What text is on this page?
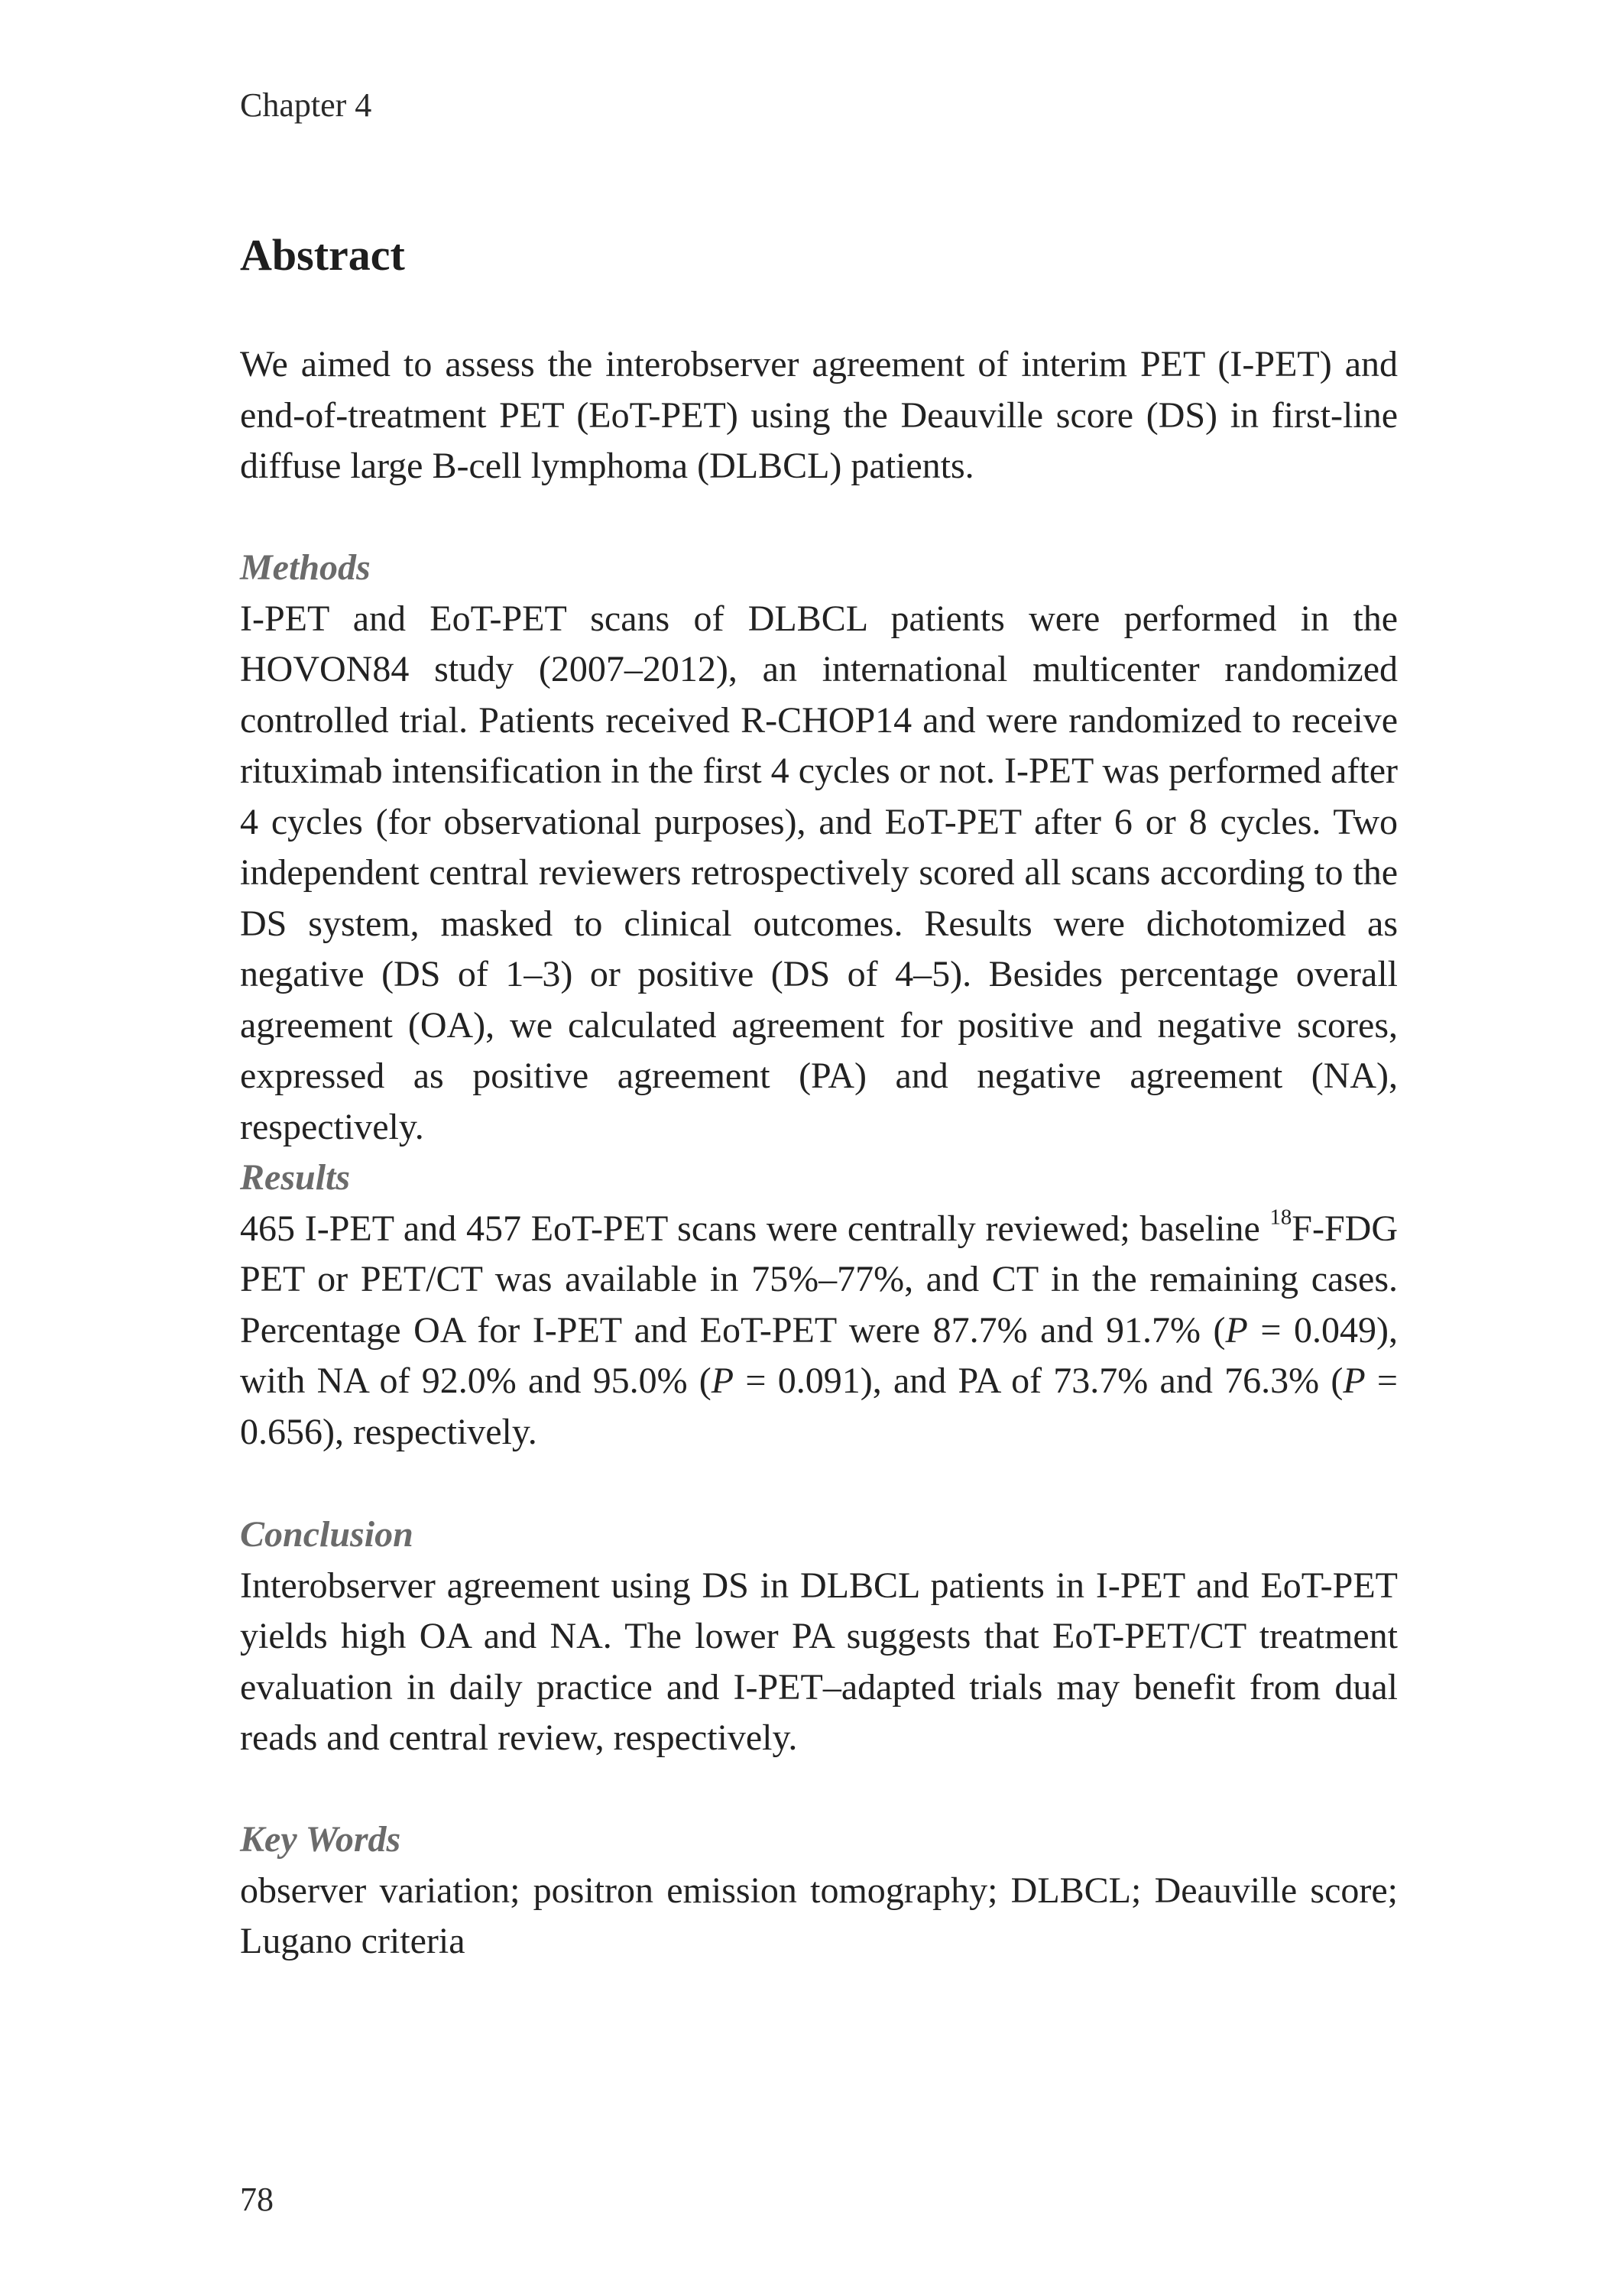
Chapter 4
Abstract

We aimed to assess the interobserver agreement of interim PET (I-PET) and end-of-treatment PET (EoT-PET) using the Deauville score (DS) in first-line diffuse large B-cell lymphoma (DLBCL) patients.

Methods

I-PET and EoT-PET scans of DLBCL patients were performed in the HOVON84 study (2007–2012), an international multicenter randomized controlled trial. Patients received R-CHOP14 and were randomized to receive rituximab intensification in the first 4 cycles or not. I-PET was performed after 4 cycles (for observational purposes), and EoT-PET after 6 or 8 cycles. Two independent central reviewers retrospectively scored all scans according to the DS system, masked to clinical outcomes. Results were dichotomized as negative (DS of 1–3) or positive (DS of 4–5). Besides percentage overall agreement (OA), we calculated agreement for positive and negative scores, expressed as positive agreement (PA) and negative agreement (NA), respectively.

Results

465 I-PET and 457 EoT-PET scans were centrally reviewed; baseline $^{18}$F-FDG PET or PET/CT was available in 75%–77%, and CT in the remaining cases. Percentage OA for I-PET and EoT-PET were 87.7% and 91.7% (P = 0.049), with NA of 92.0% and 95.0% (P = 0.091), and PA of 73.7% and 76.3% (P = 0.656), respectively.

Conclusion

Interobserver agreement using DS in DLBCL patients in I-PET and EoT-PET yields high OA and NA. The lower PA suggests that EoT-PET/CT treatment evaluation in daily practice and I-PET–adapted trials may benefit from dual reads and central review, respectively.

Key Words

observer variation; positron emission tomography; DLBCL; Deauville score; Lugano criteria

78
